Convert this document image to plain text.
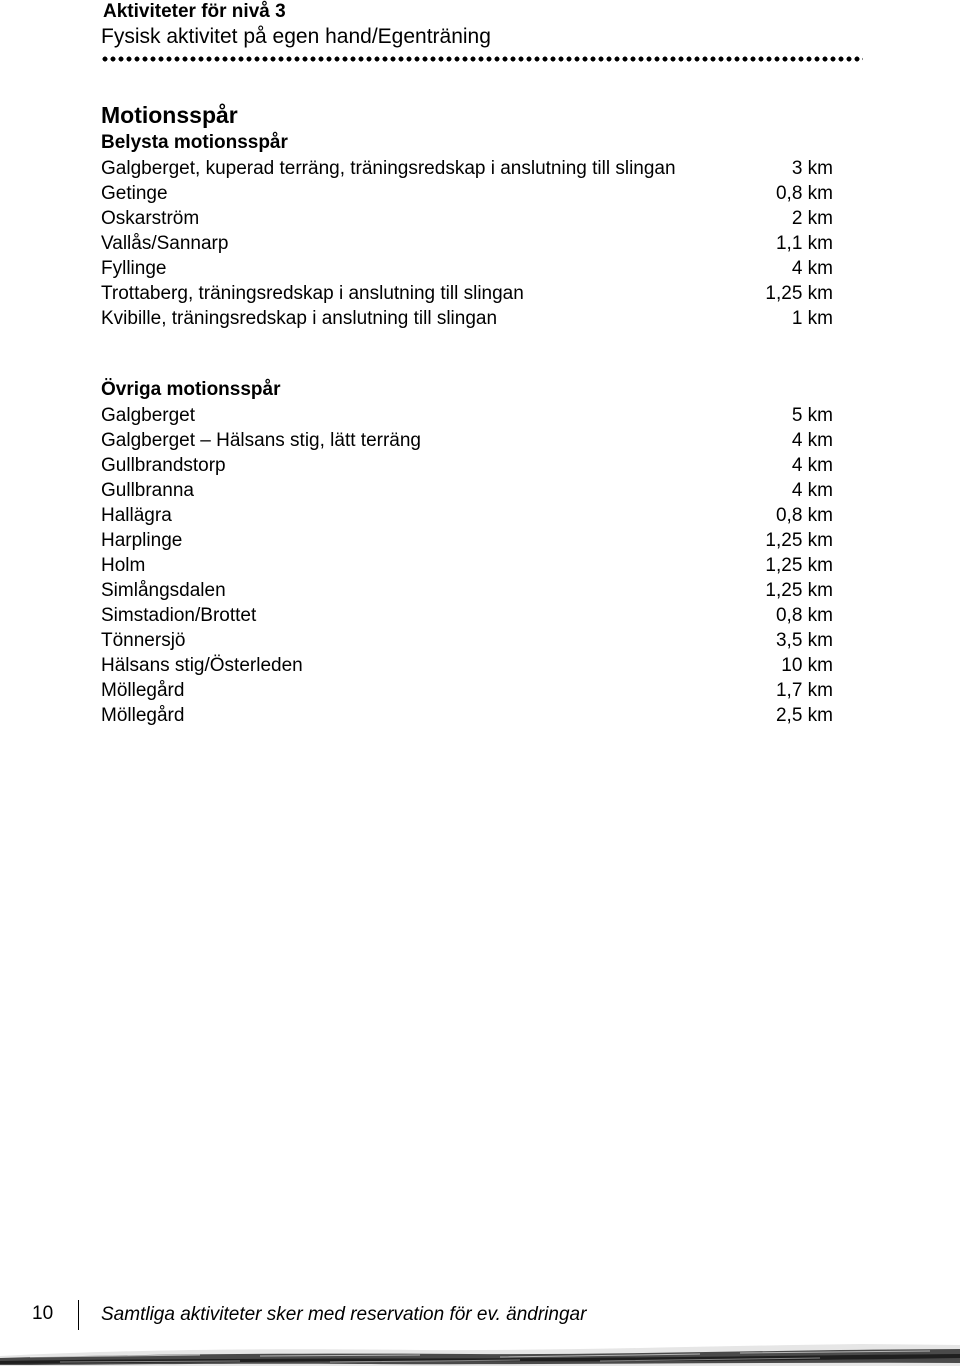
Aktiviteter för nivå 3
Fysisk aktivitet på egen hand/Egenträning
Motionsspår
Belysta motionsspår
Galgberget, kuperad terräng, träningsredskap i anslutning till slingan	3 km
Getinge	0,8 km
Oskarström	2 km
Vallås/Sannarp	1,1 km
Fyllinge	4 km
Trottaberg, träningsredskap i anslutning till slingan	1,25 km
Kvibille, träningsredskap i anslutning till slingan	1 km
Övriga motionsspår
Galgberget	5 km
Galgberget – Hälsans stig, lätt terräng	4 km
Gullbrandstorp	4 km
Gullbranna	4 km
Hallägra	0,8 km
Harplinge	1,25 km
Holm	1,25 km
Simlångsdalen	1,25 km
Simstadion/Brottet	0,8 km
Tönnersjö	3,5 km
Hälsans stig/Österleden	10 km
Möllegård	1,7 km
Möllegård	2,5 km
10	Samtliga aktiviteter sker med reservation för ev. ändringar
